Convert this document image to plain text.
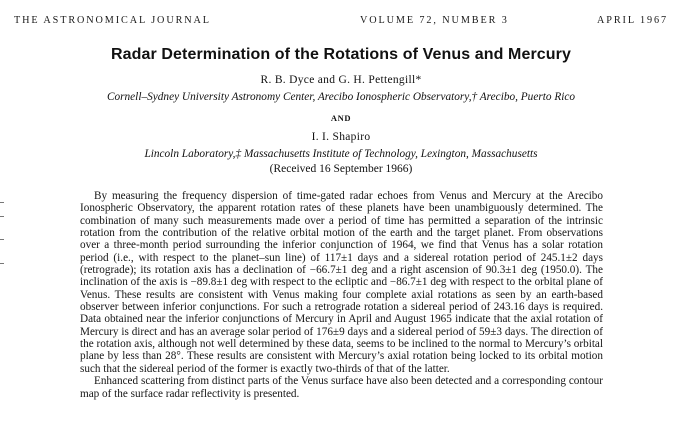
THE ASTRONOMICAL JOURNAL	VOLUME 72, NUMBER 3	APRIL 1967
Radar Determination of the Rotations of Venus and Mercury
R. B. Dyce and G. H. Pettengill*
Cornell–Sydney University Astronomy Center, Arecibo Ionospheric Observatory,† Arecibo, Puerto Rico
AND
I. I. Shapiro
Lincoln Laboratory,‡ Massachusetts Institute of Technology, Lexington, Massachusetts
(Received 16 September 1966)

By measuring the frequency dispersion of time-gated radar echoes from Venus and Mercury at the Arecibo Ionospheric Observatory, the apparent rotation rates of these planets have been unambiguously determined. The combination of many such measurements made over a period of time has permitted a separation of the intrinsic rotation from the contribution of the relative orbital motion of the earth and the target planet. From observations over a three-month period surrounding the inferior conjunction of 1964, we find that Venus has a solar rotation period (i.e., with respect to the planet–sun line) of 117±1 days and a sidereal rotation period of 245.1±2 days (retrograde); its rotation axis has a declination of −66.7±1 deg and a right ascension of 90.3±1 deg (1950.0). The inclination of the axis is −89.8±1 deg with respect to the ecliptic and −86.7±1 deg with respect to the orbital plane of Venus. These results are consistent with Venus making four complete axial rotations as seen by an earth-based observer between inferior conjunctions. For such a retrograde rotation a sidereal period of 243.16 days is required. Data obtained near the inferior conjunctions of Mercury in April and August 1965 indicate that the axial rotation of Mercury is direct and has an average solar period of 176±9 days and a sidereal period of 59±3 days. The direction of the rotation axis, although not well determined by these data, seems to be inclined to the normal to Mercury’s orbital plane by less than 28°. These results are consistent with Mercury’s axial rotation being locked to its orbital motion such that the sidereal period of the former is exactly two-thirds of that of the latter.

Enhanced scattering from distinct parts of the Venus surface have also been detected and a corresponding contour map of the surface radar reflectivity is presented.
